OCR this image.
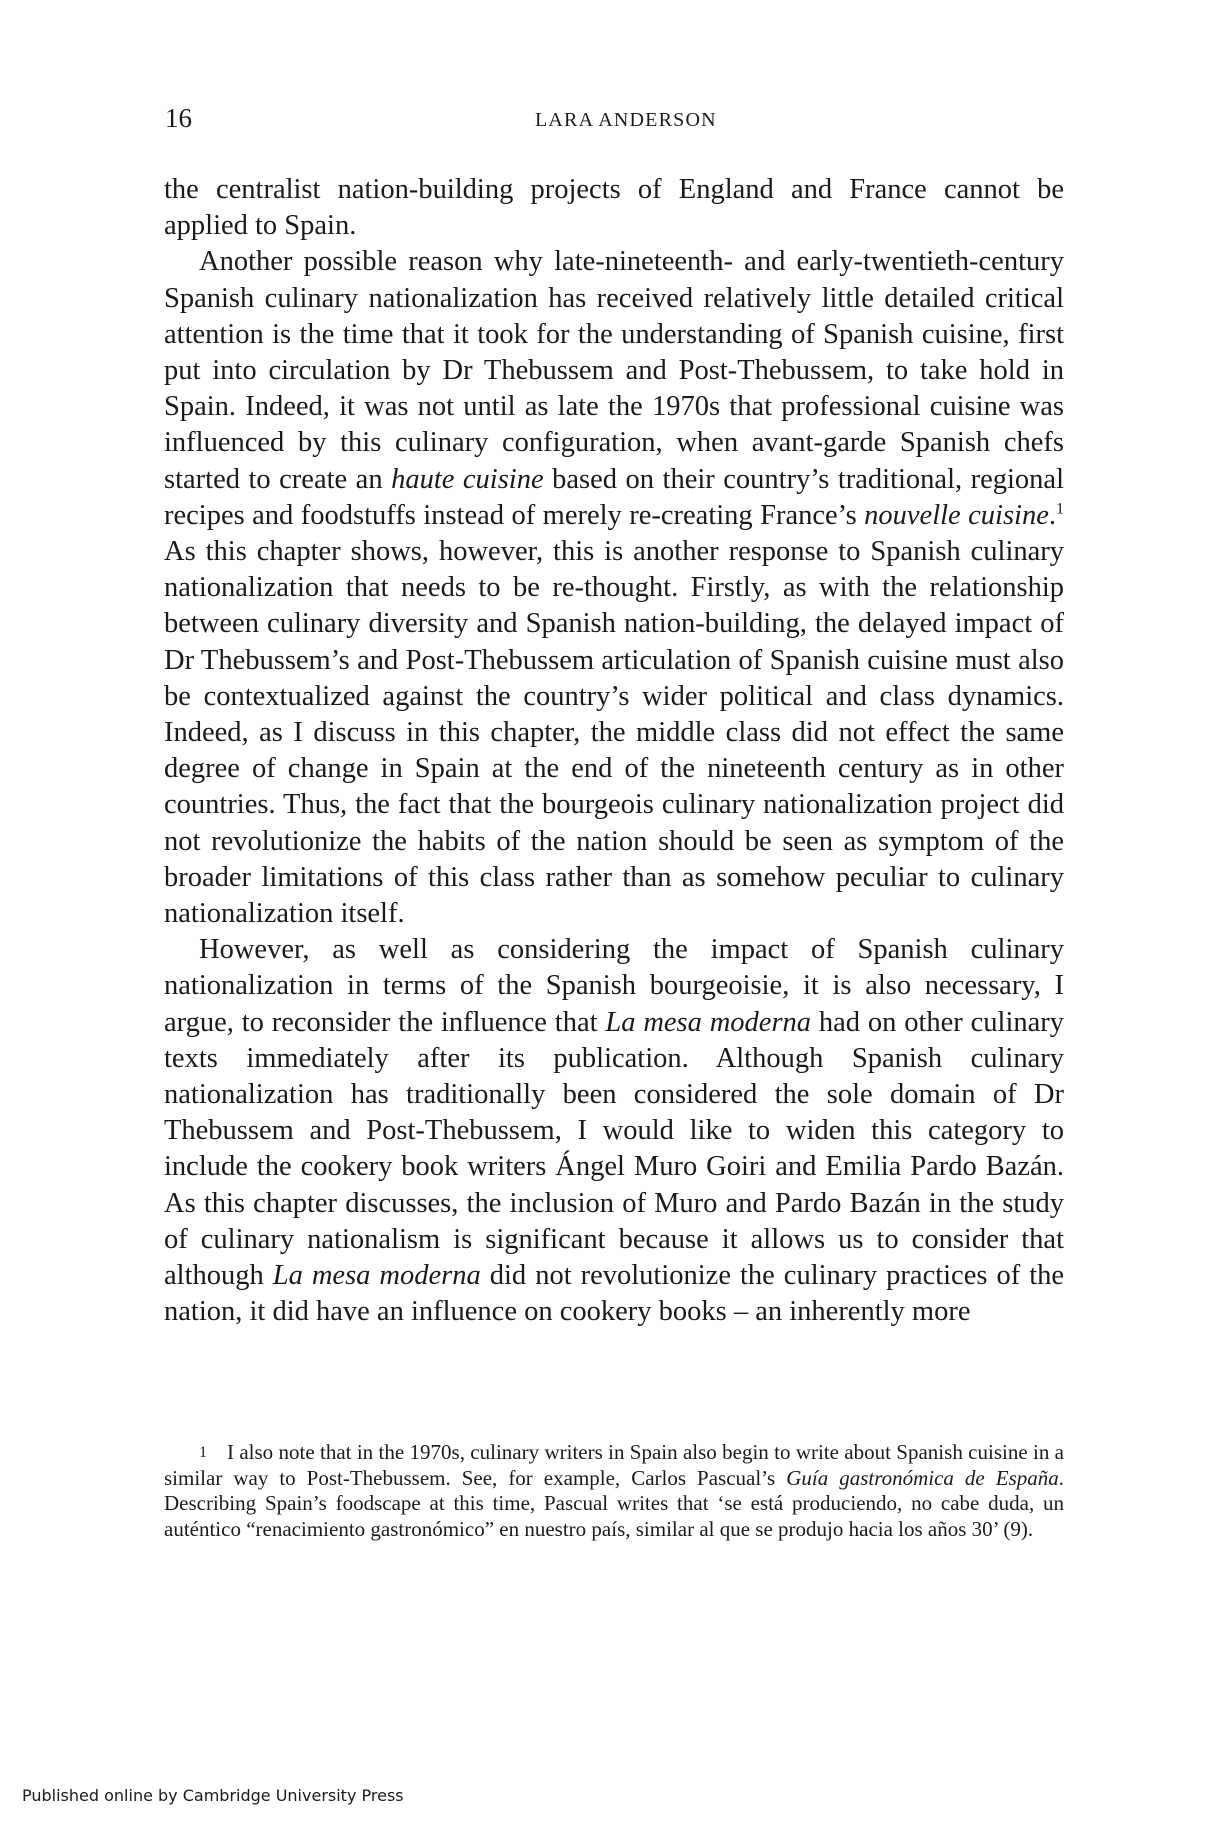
16	LARA ANDERSON

the centralist nation-building projects of England and France cannot be applied to Spain.

Another possible reason why late-nineteenth- and early-twentieth-century Spanish culinary nationalization has received relatively little detailed critical attention is the time that it took for the understanding of Spanish cuisine, first put into circulation by Dr Thebussem and Post-Thebussem, to take hold in Spain. Indeed, it was not until as late the 1970s that professional cuisine was influenced by this culinary configuration, when avant-garde Spanish chefs started to create an haute cuisine based on their country’s traditional, regional recipes and foodstuffs instead of merely re-creating France’s nouvelle cuisine.$^1$ As this chapter shows, however, this is another response to Spanish culinary nationalization that needs to be re-thought. Firstly, as with the relationship between culinary diversity and Spanish nation-building, the delayed impact of Dr Thebussem’s and Post-Thebussem articulation of Spanish cuisine must also be contextualized against the country’s wider political and class dynamics. Indeed, as I discuss in this chapter, the middle class did not effect the same degree of change in Spain at the end of the nineteenth century as in other countries. Thus, the fact that the bourgeois culinary nationalization project did not revolutionize the habits of the nation should be seen as symptom of the broader limitations of this class rather than as somehow peculiar to culinary nationalization itself.

However, as well as considering the impact of Spanish culinary nationalization in terms of the Spanish bourgeoisie, it is also necessary, I argue, to reconsider the influence that La mesa moderna had on other culinary texts immediately after its publication. Although Spanish culinary nationalization has traditionally been considered the sole domain of Dr Thebussem and Post-Thebussem, I would like to widen this category to include the cookery book writers Ángel Muro Goiri and Emilia Pardo Bazán. As this chapter discusses, the inclusion of Muro and Pardo Bazán in the study of culinary nationalism is significant because it allows us to consider that although La mesa moderna did not revolutionize the culinary practices of the nation, it did have an influence on cookery books – an inherently more

1 I also note that in the 1970s, culinary writers in Spain also begin to write about Spanish cuisine in a similar way to Post-Thebussem. See, for example, Carlos Pascual’s Guía gastronómica de España. Describing Spain’s foodscape at this time, Pascual writes that ‘se está produciendo, no cabe duda, un auténtico “renacimiento gastronómico” en nuestro país, similar al que se produjo hacia los años 30’ (9).

Published online by Cambridge University Press
